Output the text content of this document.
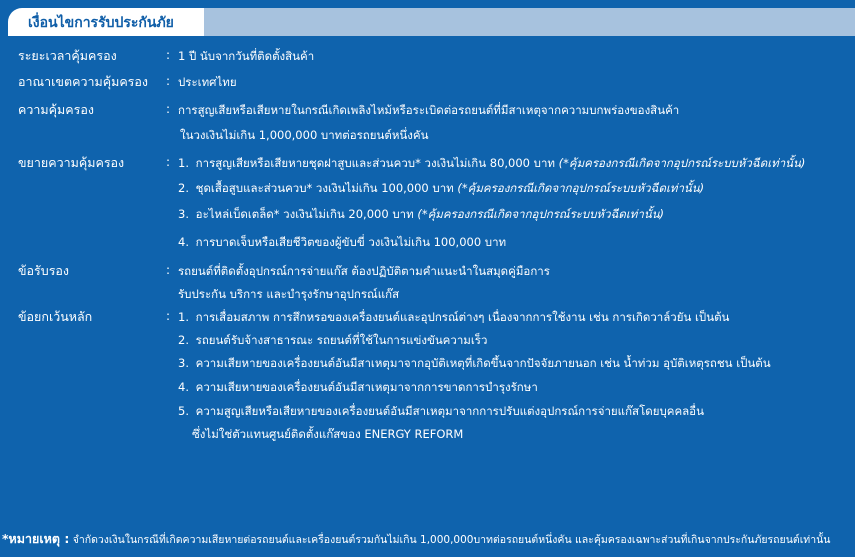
เงื่อนไขการรับประกันภัย
ระยะเวลาคุ้มครอง	: 1 ปี นับจากวันที่ติดตั้งสินค้า
อาณาเขตความคุ้มครอง : ประเทศไทย
ความคุ้มครอง	: การสูญเสียหรือเสียหายในกรณีเกิดเพลิงไหม้หรือระเบิดต่อรถยนต์ที่มีสาเหตุจากความบกพร่องของสินค้า
ในวงเงินไม่เกิน 1,000,000 บาทต่อรถยนต์หนึ่งคัน
ขยายความคุ้มครอง	: 1. การสูญเสียหรือเสียหายชุดฝาสูบและส่วนควบ* วงเงินไม่เกิน 80,000 บาท (*คุ้มครองกรณีเกิดจากอุปกรณ์ระบบหัวฉีดเท่านั้น)
2. ชุดเสื้อสูบและส่วนควบ* วงเงินไม่เกิน 100,000 บาท (*คุ้มครองกรณีเกิดจากอุปกรณ์ระบบหัวฉีดเท่านั้น)
3. อะไหล่เบ็ดเตล็ด* วงเงินไม่เกิน 20,000 บาท (*คุ้มครองกรณีเกิดจากอุปกรณ์ระบบหัวฉีดเท่านั้น)
4. การบาดเจ็บหรือเสียชีวิตของผู้ขับขี่ วงเงินไม่เกิน 100,000 บาท
ข้อรับรอง	: รถยนต์ที่ติดตั้งอุปกรณ์การจ่ายแก๊ส ต้องปฏิบัติตามคำแนะนำในสมุดคู่มือการ
รับประกัน บริการ และบำรุงรักษาอุปกรณ์แก๊ส
ข้อยกเว้นหลัก	: 1. การเสื่อมสภาพ การสึกหรอของเครื่องยนต์และอุปกรณ์ต่างๆ เนื่องจากการใช้งาน เช่น การเกิดวาล์วยัน เป็นต้น
2. รถยนต์รับจ้างสาธารณะ รถยนต์ที่ใช้ในการแข่งขันความเร็ว
3. ความเสียหายของเครื่องยนต์อันมีสาเหตุมาจากอุบัติเหตุที่เกิดขึ้นจากปัจจัยภายนอก เช่น น้ำท่วม อุบัติเหตุรถชน เป็นต้น
4. ความเสียหายของเครื่องยนต์อันมีสาเหตุมาจากการขาดการบำรุงรักษา
5. ความสูญเสียหรือเสียหายของเครื่องยนต์อันมีสาเหตุมาจากการปรับแต่งอุปกรณ์การจ่ายแก๊สโดยบุคคลอื่น
ซึ่งไม่ใช่ตัวแทนศูนย์ติดตั้งแก๊สของ ENERGY REFORM
*หมายเหตุ : จำกัดวงเงินในกรณีที่เกิดความเสียหายต่อรถยนต์และเครื่องยนต์รวมกันไม่เกิน 1,000,000บาทต่อรถยนต์หนึ่งคัน และคุ้มครองเฉพาะส่วนที่เกินจากประกันภัยรถยนต์เท่านั้น
